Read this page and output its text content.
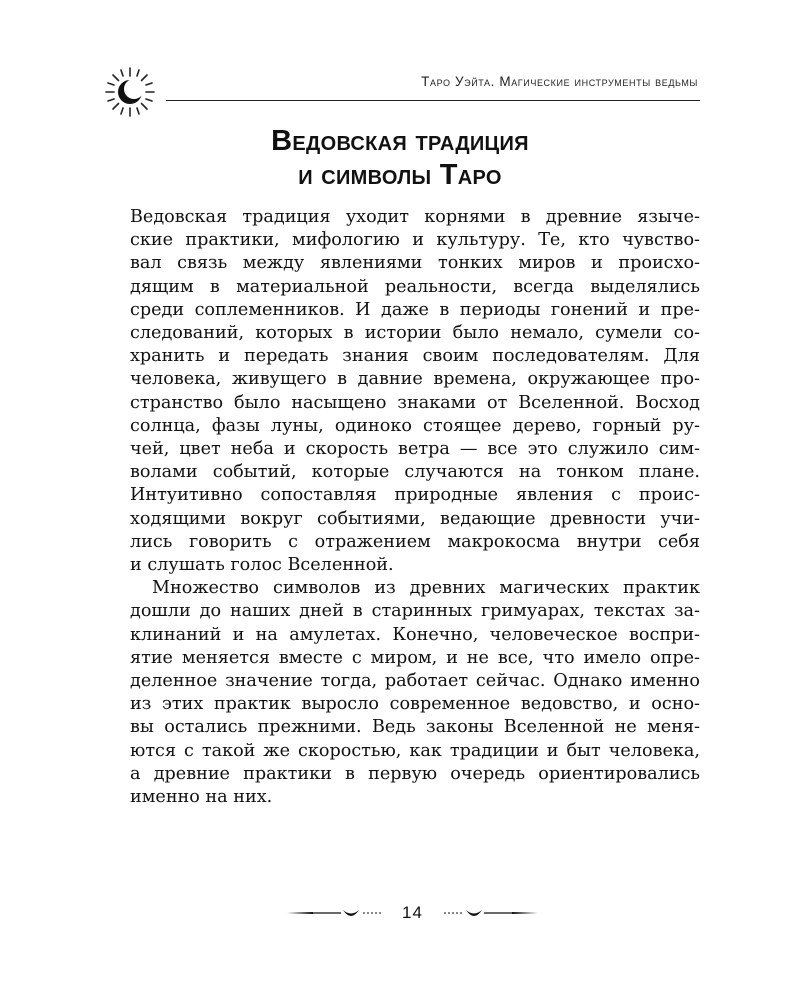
Таро Уэйта. Магические инструменты ведьмы
Ведовская традиция
и символы Таро

Ведовская традиция уходит корнями в древние языче-
ские практики, мифологию и культуру. Те, кто чувство-
вал связь между явлениями тонких миров и происхо-
дящим в материальной реальности, всегда выделялись
среди соплеменников. И даже в периоды гонений и пре-
следований, которых в истории было немало, сумели со-
хранить и передать знания своим последователям. Для
человека, живущего в давние времена, окружающее про-
странство было насыщено знаками от Вселенной. Восход
солнца, фазы луны, одиноко стоящее дерево, горный ру-
чей, цвет неба и скорость ветра — все это служило сим-
волами событий, которые случаются на тонком плане.
Интуитивно сопоставляя природные явления с проис-
ходящими вокруг событиями, ведающие древности учи-
лись говорить с отражением макрокосма внутри себя
и слушать голос Вселенной.

Множество символов из древних магических практик
дошли до наших дней в старинных гримуарах, текстах за-
клинаний и на амулетах. Конечно, человеческое воспри-
ятие меняется вместе с миром, и не все, что имело опре-
деленное значение тогда, работает сейчас. Однако именно
из этих практик выросло современное ведовство, и осно-
вы остались прежними. Ведь законы Вселенной не меня-
ются с такой же скоростью, как традиции и быт человека,
а древние практики в первую очередь ориентировались
именно на них.

14
